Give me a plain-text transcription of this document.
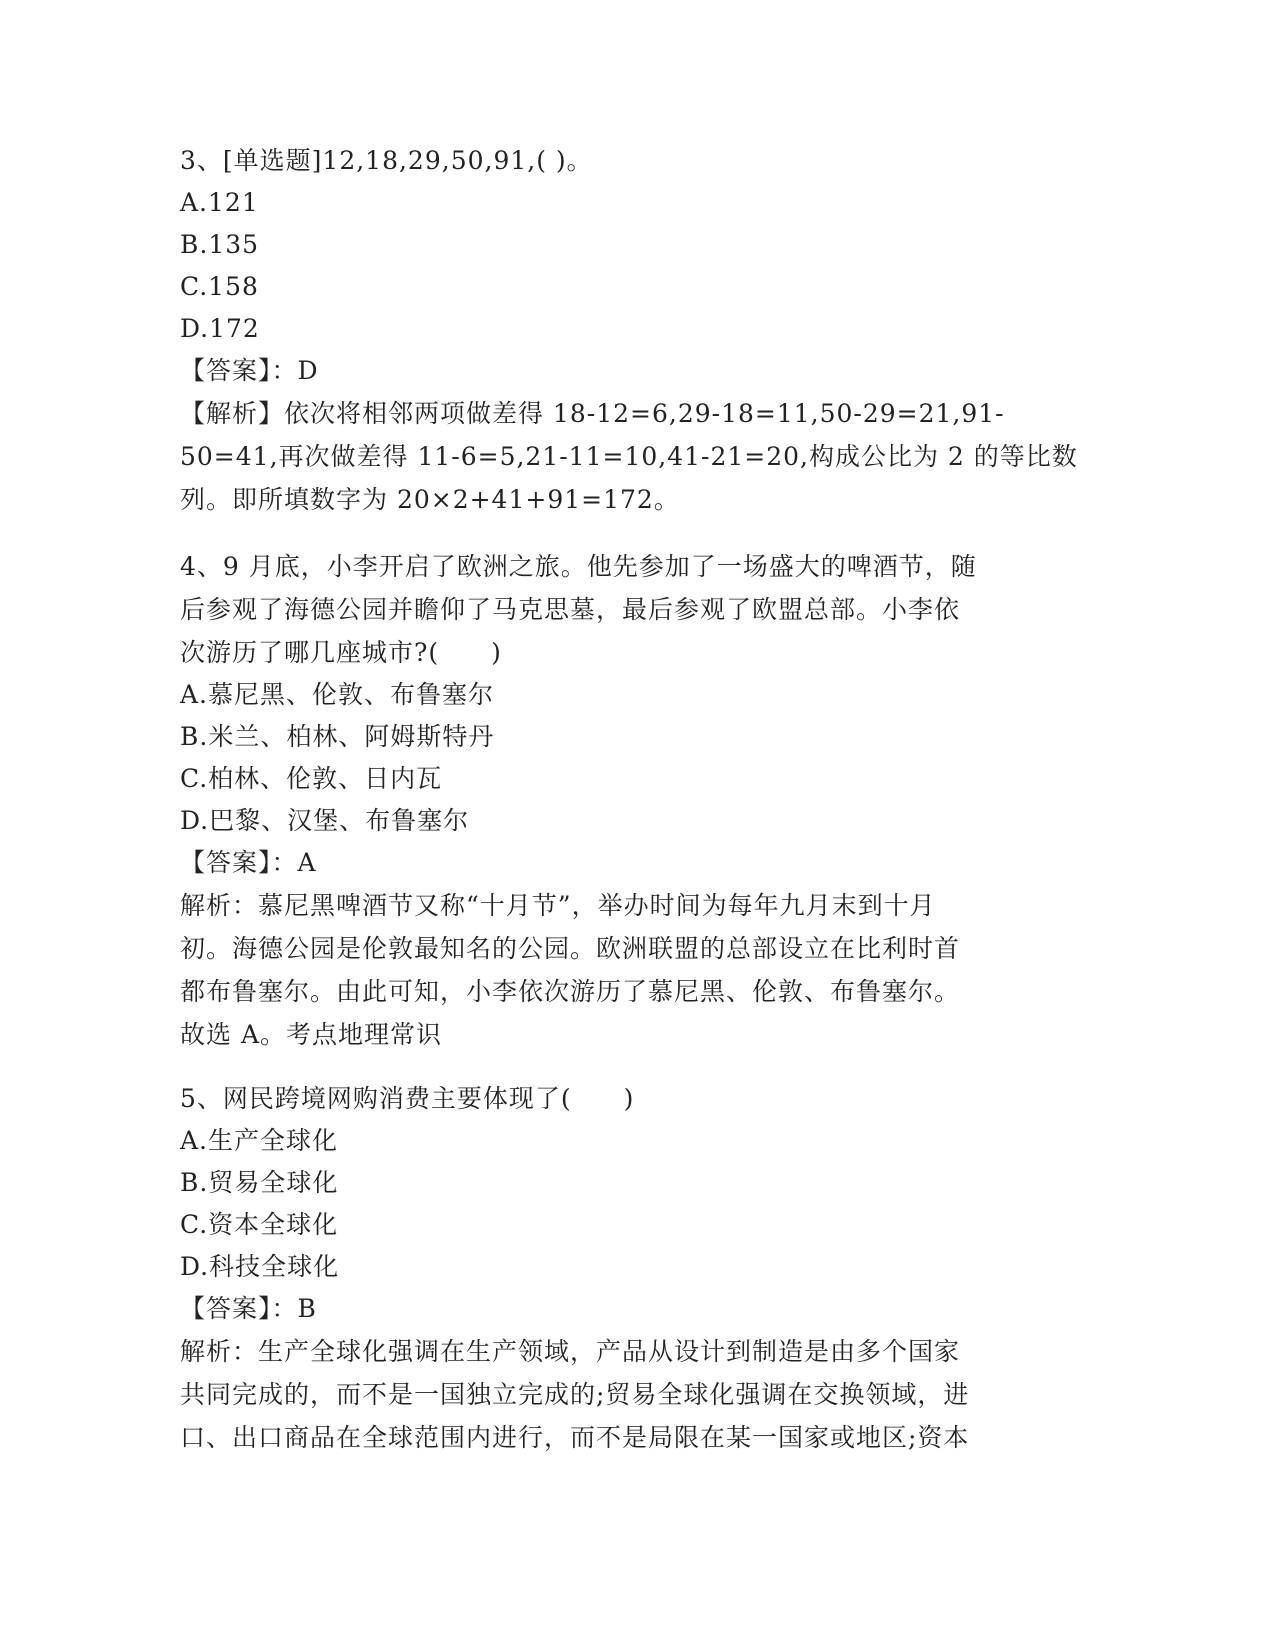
3、[单选题]12,18,29,50,91,( )。
A.121
B.135
C.158
D.172
【答案】：D
【解析】依次将相邻两项做差得 18-12=6,29-18=11,50-29=21,91-
50=41,再次做差得 11-6=5,21-11=10,41-21=20,构成公比为 2 的等比数
列。即所填数字为 20×2+41+91=172。
4、9 月底，小李开启了欧洲之旅。他先参加了一场盛大的啤酒节，随
后参观了海德公园并瞻仰了马克思墓，最后参观了欧盟总部。小李依
次游历了哪几座城市?(　　)
A.慕尼黑、伦敦、布鲁塞尔
B.米兰、柏林、阿姆斯特丹
C.柏林、伦敦、日内瓦
D.巴黎、汉堡、布鲁塞尔
【答案】：A
解析：慕尼黑啤酒节又称“十月节”，举办时间为每年九月末到十月
初。海德公园是伦敦最知名的公园。欧洲联盟的总部设立在比利时首
都布鲁塞尔。由此可知，小李依次游历了慕尼黑、伦敦、布鲁塞尔。
故选 A。考点地理常识
5、网民跨境网购消费主要体现了(　　)
A.生产全球化
B.贸易全球化
C.资本全球化
D.科技全球化
【答案】：B
解析：生产全球化强调在生产领域，产品从设计到制造是由多个国家
共同完成的，而不是一国独立完成的;贸易全球化强调在交换领域，进
口、出口商品在全球范围内进行，而不是局限在某一国家或地区;资本
